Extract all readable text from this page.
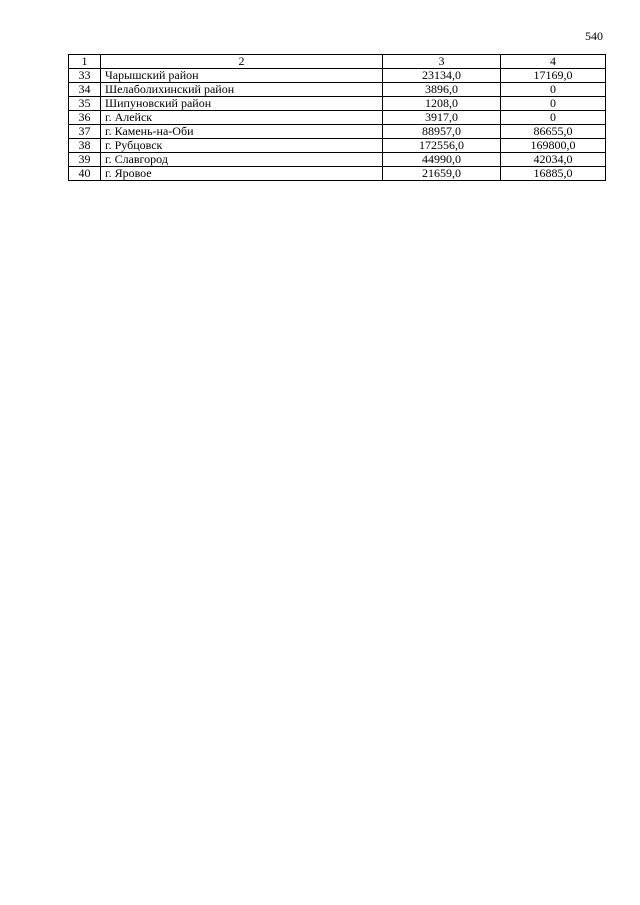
540
1	2	3	4
33	Чарышский район	23134,0	17169,0
34	Шелаболихинский район	3896,0	0
35	Шипуновский район	1208,0	0
36	г. Алейск	3917,0	0
37	г. Камень-на-Оби	88957,0	86655,0
38	г. Рубцовск	172556,0	169800,0
39	г. Славгород	44990,0	42034,0
40	г. Яровое	21659,0	16885,0
